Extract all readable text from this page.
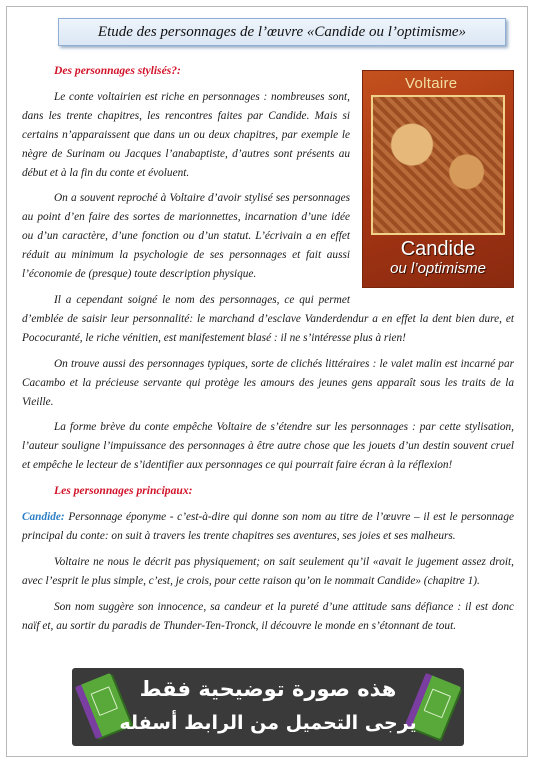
Etude des personnages de l’œuvre «Candide ou l’optimisme»
Voltaire
Candide
ou l’optimisme

Des personnages stylisés?:

Le conte voltairien est riche en personnages : nombreuses sont, dans les trente chapitres, les rencontres faites par Candide. Mais si certains n’apparaissent que dans un ou deux chapitres, par exemple le nègre de Surinam ou Jacques l’anabaptiste, d’autres sont présents au début et à la fin du conte et évoluent.

On a souvent reproché à Voltaire d’avoir stylisé ses personnages au point d’en faire des sortes de marionnettes, incarnation d’une idée ou d’un caractère, d’une fonction ou d’un statut. L’écrivain a en effet réduit au minimum la psychologie de ses personnages et fait aussi l’économie de (presque) toute description physique.

Il a cependant soigné le nom des personnages, ce qui permet d’emblée de saisir leur personnalité: le marchand d’esclave Vanderdendur a en effet la dent bien dure, et Pococuranté, le riche vénitien, est manifestement blasé : il ne s’intéresse plus à rien!

On trouve aussi des personnages typiques, sorte de clichés littéraires : le valet malin est incarné par Cacambo et la précieuse servante qui protège les amours des jeunes gens apparaît sous les traits de la Vieille.

La forme brève du conte empêche Voltaire de s’étendre sur les personnages : par cette stylisation, l’auteur souligne l’impuissance des personnages à être autre chose que les jouets d’un destin souvent cruel et empêche le lecteur de s’identifier aux personnages ce qui pourrait faire écran à la réflexion!

Les personnages principaux:

Candide: Personnage éponyme - c’est-à-dire qui donne son nom au titre de l’œuvre – il est le personnage principal du conte: on suit à travers les trente chapitres ses aventures, ses joies et ses malheurs.

Voltaire ne nous le décrit pas physiquement; on sait seulement qu’il «avait le jugement assez droit, avec l’esprit le plus simple, c’est, je crois, pour cette raison qu’on le nommait Candide» (chapitre 1).

Son nom suggère son innocence, sa candeur et la pureté d’une attitude sans défiance : il est donc naïf et, au sortir du paradis de Thunder-Ten-Tronck, il découvre le monde en s’étonnant de tout.

هذه صورة توضيحية فقط
يرجى التحميل من الرابط أسفله
